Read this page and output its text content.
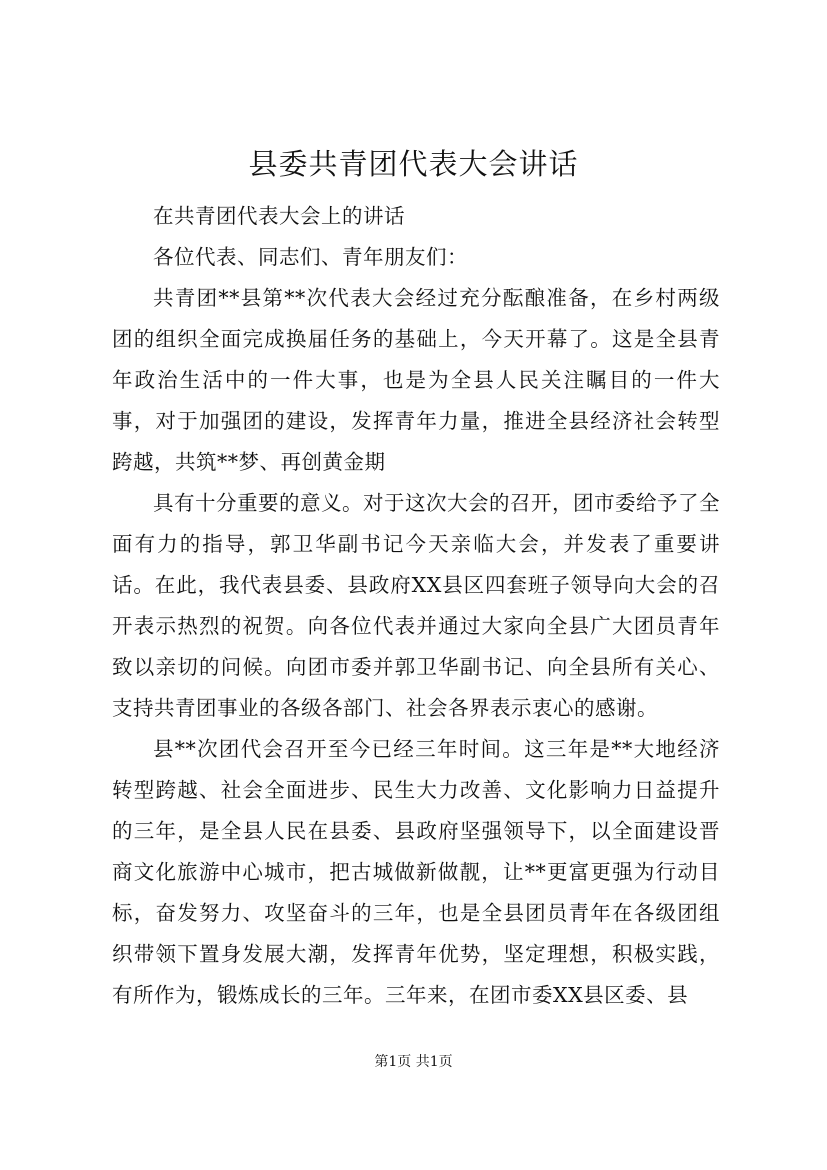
县委共青团代表大会讲话

在共青团代表大会上的讲话

各位代表、同志们、青年朋友们：

共青团**县第**次代表大会经过充分酝酿准备，在乡村两级团的组织全面完成换届任务的基础上，今天开幕了。这是全县青年政治生活中的一件大事，也是为全县人民关注瞩目的一件大事，对于加强团的建设，发挥青年力量，推进全县经济社会转型跨越，共筑**梦、再创黄金期

具有十分重要的意义。对于这次大会的召开，团市委给予了全面有力的指导，郭卫华副书记今天亲临大会，并发表了重要讲话。在此，我代表县委、县政府XX县区四套班子领导向大会的召开表示热烈的祝贺。向各位代表并通过大家向全县广大团员青年致以亲切的问候。向团市委并郭卫华副书记、向全县所有关心、支持共青团事业的各级各部门、社会各界表示衷心的感谢。

县**次团代会召开至今已经三年时间。这三年是**大地经济转型跨越、社会全面进步、民生大力改善、文化影响力日益提升的三年，是全县人民在县委、县政府坚强领导下，以全面建设晋商文化旅游中心城市，把古城做新做靓，让**更富更强为行动目标，奋发努力、攻坚奋斗的三年，也是全县团员青年在各级团组织带领下置身发展大潮，发挥青年优势，坚定理想，积极实践，有所作为，锻炼成长的三年。三年来，在团市委XX县区委、县

第1页 共1页
